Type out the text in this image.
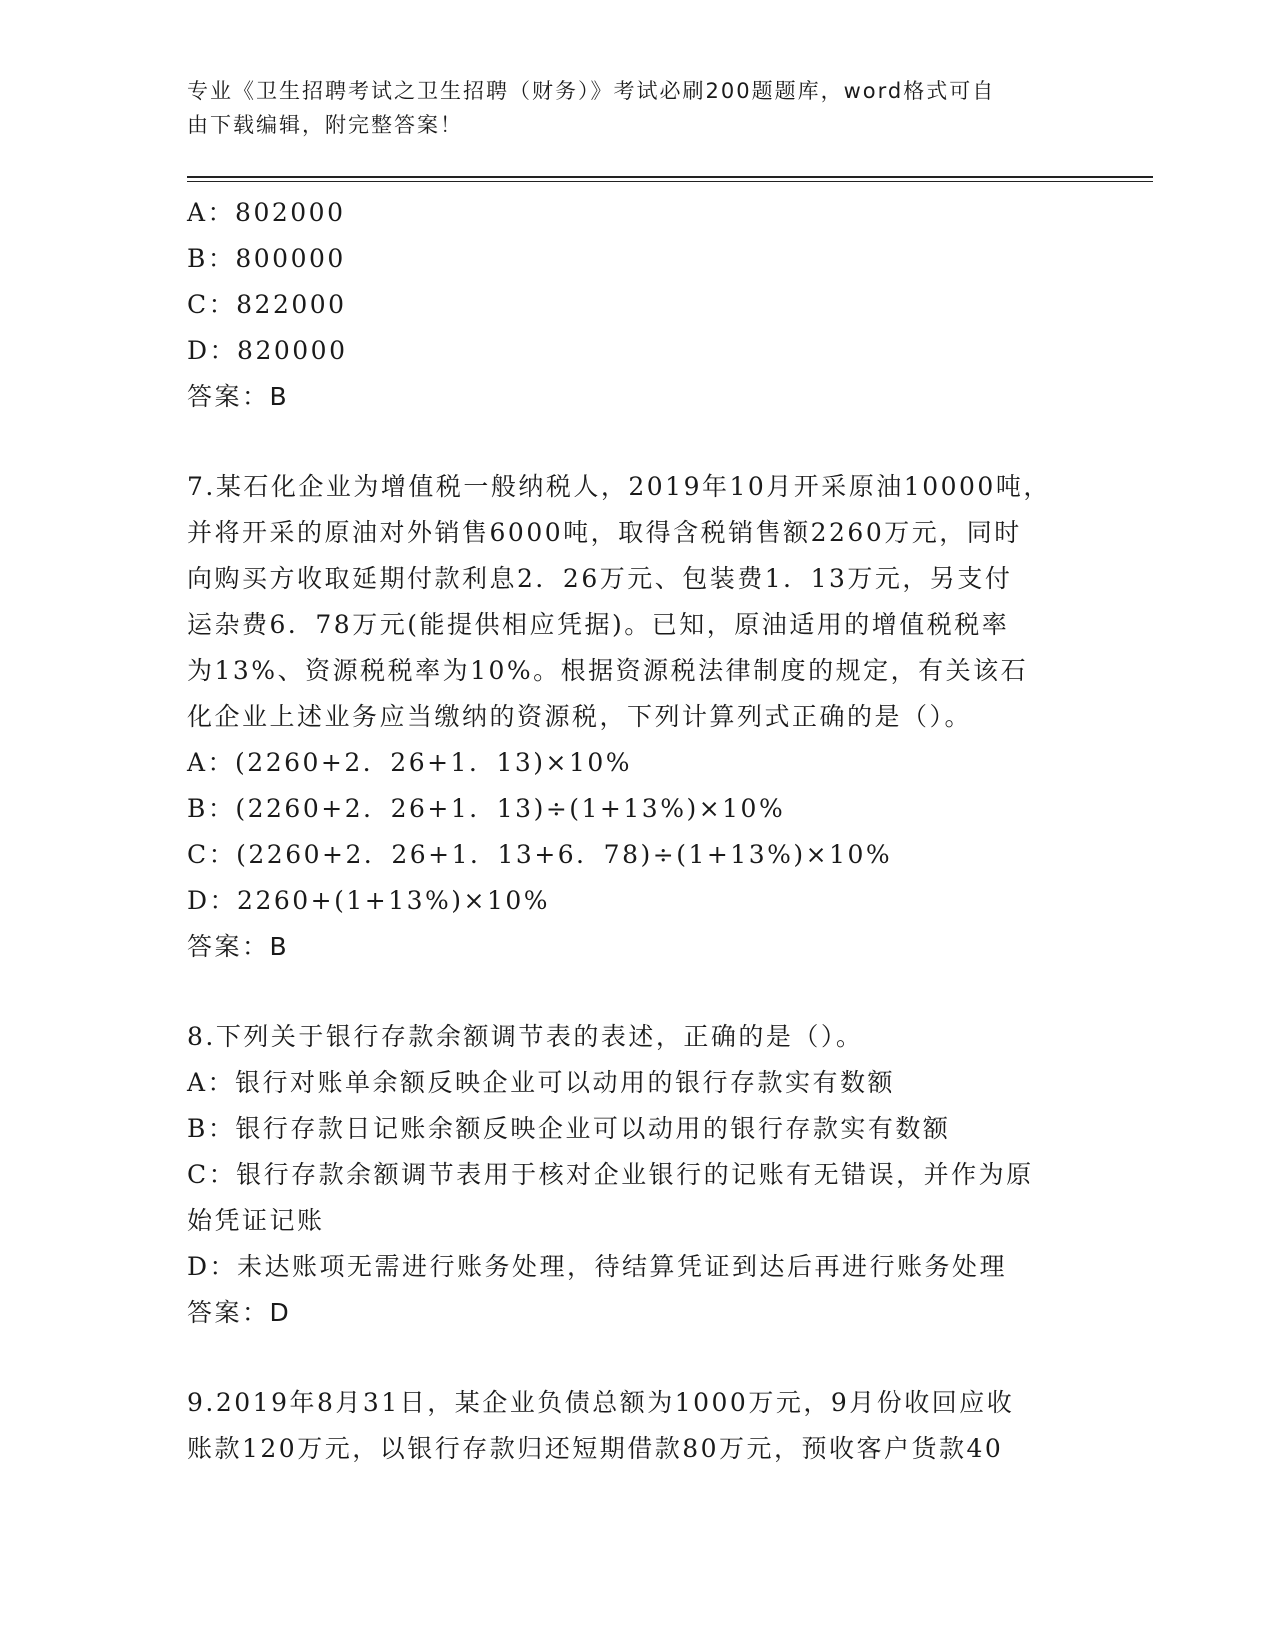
专业《卫生招聘考试之卫生招聘（财务）》考试必刷200题题库，word格式可自
由下载编辑，附完整答案！
A：802000
B：800000
C：822000
D：820000
答案：B
7.某石化企业为增值税一般纳税人，2019年10月开采原油10000吨，
并将开采的原油对外销售6000吨，取得含税销售额2260万元，同时
向购买方收取延期付款利息2．26万元、包装费1．13万元，另支付
运杂费6．78万元(能提供相应凭据)。已知，原油适用的增值税税率
为13%、资源税税率为10%。根据资源税法律制度的规定，有关该石
化企业上述业务应当缴纳的资源税，下列计算列式正确的是（）。
A：(2260+2．26+1．13)×10%
B：(2260+2．26+1．13)÷(1+13%)×10%
C：(2260+2．26+1．13+6．78)÷(1+13%)×10%
D：2260+(1+13%)×10%
答案：B
8.下列关于银行存款余额调节表的表述，正确的是（）。
A：银行对账单余额反映企业可以动用的银行存款实有数额
B：银行存款日记账余额反映企业可以动用的银行存款实有数额
C：银行存款余额调节表用于核对企业银行的记账有无错误，并作为原
始凭证记账
D：未达账项无需进行账务处理，待结算凭证到达后再进行账务处理
答案：D
9.2019年8月31日，某企业负债总额为1000万元，9月份收回应收
账款120万元，以银行存款归还短期借款80万元，预收客户货款40
